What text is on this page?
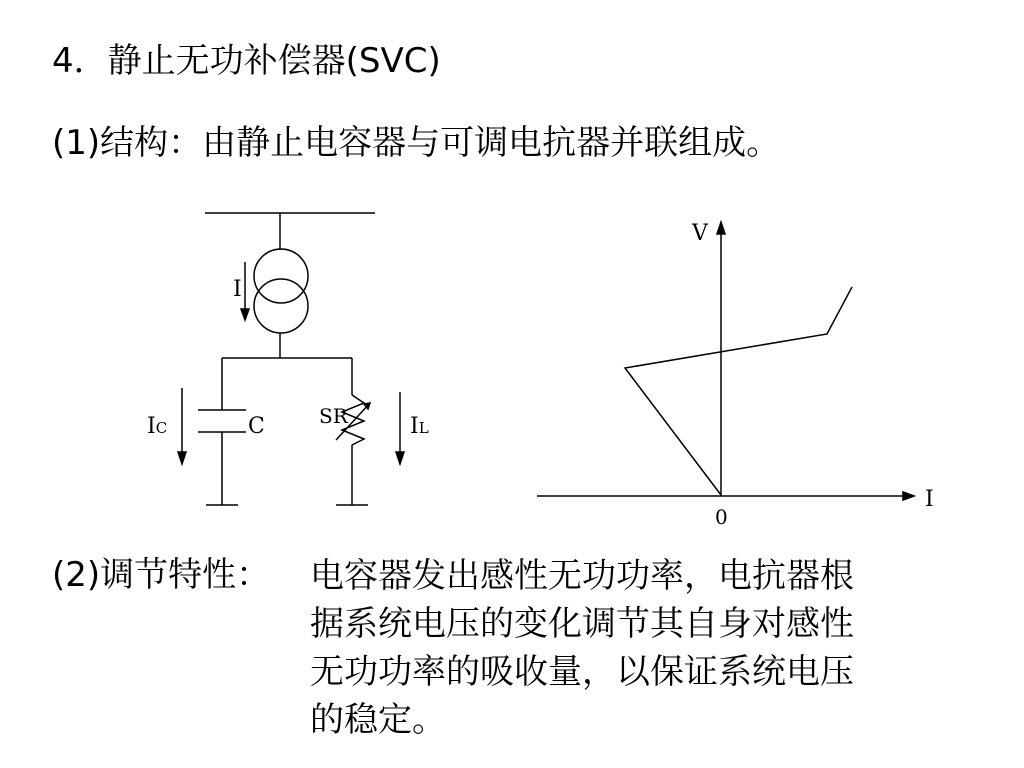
4．静止无功补偿器(SVC)
(1)结构：由静止电容器与可调电抗器并联组成。
I
IC	C	SR	IL
V
I
0
(2)调节特性： 电容器发出感性无功功率，电抗器根
据系统电压的变化调节其自身对感性
无功功率的吸收量，以保证系统电压
的稳定。
